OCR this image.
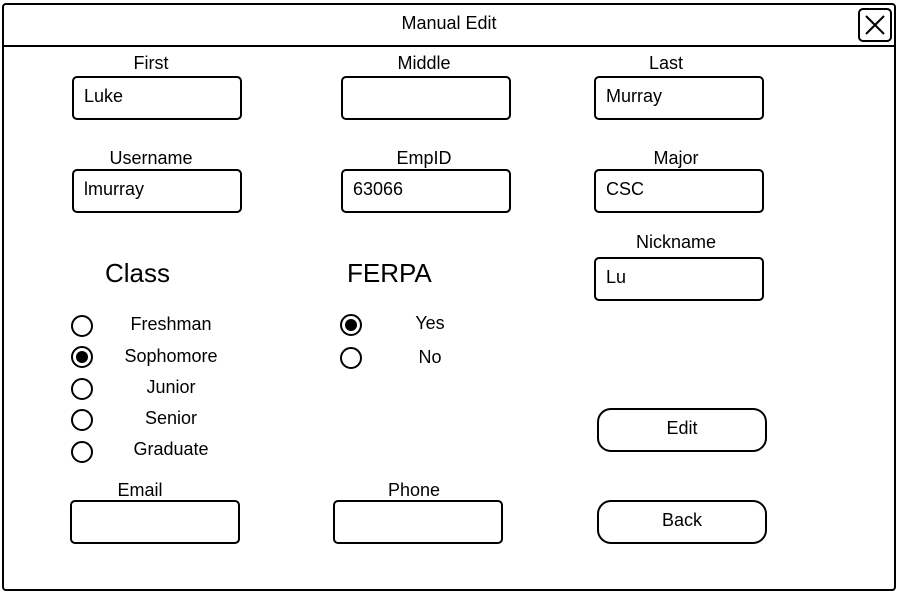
Manual Edit
First
Luke
Middle	Last
Murray
Username
lmurray
EmpID
63066
Major
CSC
Nickname
Lu
Class
Freshman
Sophomore
Junior
Senior
Graduate
FERPA
Yes
No
Edit
Back
Email	Phone
